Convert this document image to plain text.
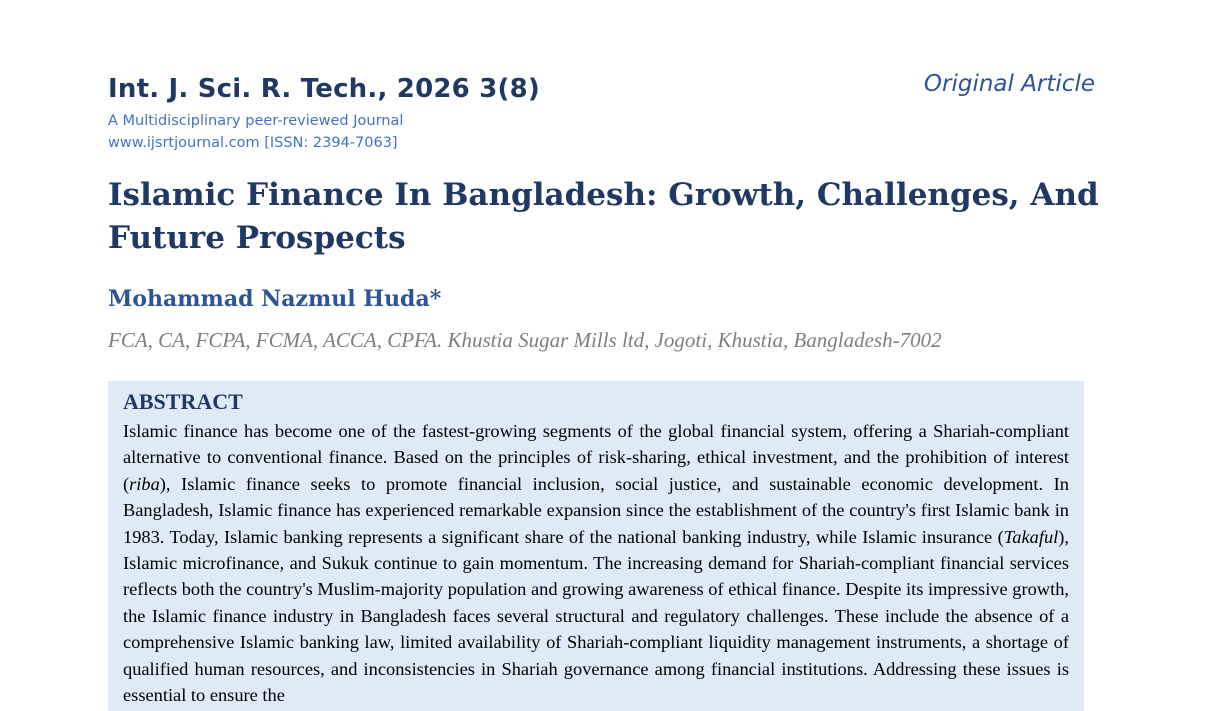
Int. J. Sci. R. Tech., 2026 3(8)

A Multidisciplinary peer-reviewed Journal

www.ijsrtjournal.com [ISSN: 2394-7063]

Original Article

Islamic Finance In Bangladesh: Growth, Challenges, And Future Prospects

Mohammad Nazmul Huda*

FCA, CA, FCPA, FCMA, ACCA, CPFA. Khustia Sugar Mills ltd, Jogoti, Khustia, Bangladesh-7002

ABSTRACT

Islamic finance has become one of the fastest-growing segments of the global financial system, offering a Shariah-compliant alternative to conventional finance. Based on the principles of risk-sharing, ethical investment, and the prohibition of interest (riba), Islamic finance seeks to promote financial inclusion, social justice, and sustainable economic development. In Bangladesh, Islamic finance has experienced remarkable expansion since the establishment of the country's first Islamic bank in 1983. Today, Islamic banking represents a significant share of the national banking industry, while Islamic insurance (Takaful), Islamic microfinance, and Sukuk continue to gain momentum. The increasing demand for Shariah-compliant financial services reflects both the country's Muslim-majority population and growing awareness of ethical finance. Despite its impressive growth, the Islamic finance industry in Bangladesh faces several structural and regulatory challenges. These include the absence of a comprehensive Islamic banking law, limited availability of Shariah-compliant liquidity management instruments, a shortage of qualified human resources, and inconsistencies in Shariah governance among financial institutions. Addressing these issues is essential to ensure the
